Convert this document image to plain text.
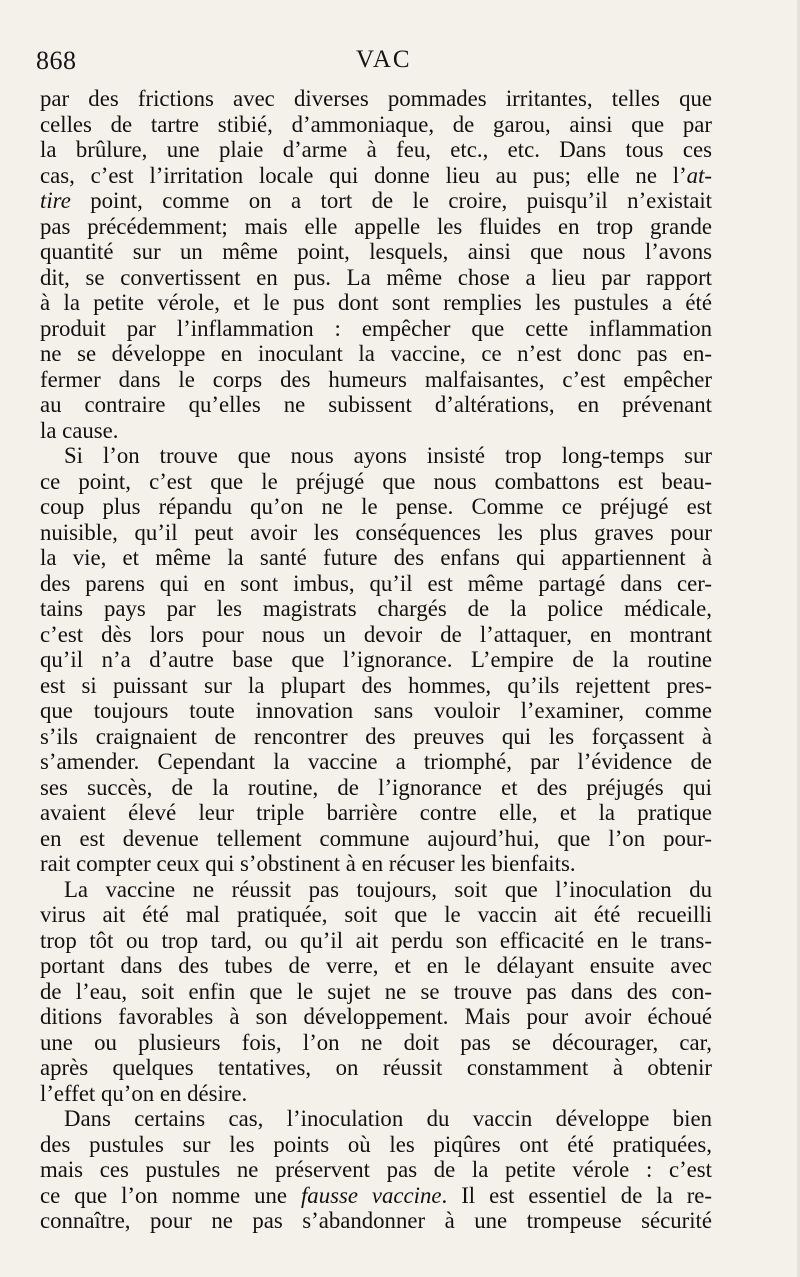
868	VAC

par des frictions avec diverses pommades irritantes, telles que
celles de tartre stibié, d’ammoniaque, de garou, ainsi que par
la brûlure, une plaie d’arme à feu, etc., etc. Dans tous ces
cas, c’est l’irritation locale qui donne lieu au pus; elle ne l’at-
tire point, comme on a tort de le croire, puisqu’il n’existait
pas précédemment; mais elle appelle les fluides en trop grande
quantité sur un même point, lesquels, ainsi que nous l’avons
dit, se convertissent en pus. La même chose a lieu par rapport
à la petite vérole, et le pus dont sont remplies les pustules a été
produit par l’inflammation : empêcher que cette inflammation
ne se développe en inoculant la vaccine, ce n’est donc pas en-
fermer dans le corps des humeurs malfaisantes, c’est empêcher
au contraire qu’elles ne subissent d’altérations, en prévenant
la cause.

Si l’on trouve que nous ayons insisté trop long-temps sur
ce point, c’est que le préjugé que nous combattons est beau-
coup plus répandu qu’on ne le pense. Comme ce préjugé est
nuisible, qu’il peut avoir les conséquences les plus graves pour
la vie, et même la santé future des enfans qui appartiennent à
des parens qui en sont imbus, qu’il est même partagé dans cer-
tains pays par les magistrats chargés de la police médicale,
c’est dès lors pour nous un devoir de l’attaquer, en montrant
qu’il n’a d’autre base que l’ignorance. L’empire de la routine
est si puissant sur la plupart des hommes, qu’ils rejettent pres-
que toujours toute innovation sans vouloir l’examiner, comme
s’ils craignaient de rencontrer des preuves qui les forçassent à
s’amender. Cependant la vaccine a triomphé, par l’évidence de
ses succès, de la routine, de l’ignorance et des préjugés qui
avaient élevé leur triple barrière contre elle, et la pratique
en est devenue tellement commune aujourd’hui, que l’on pour-
rait compter ceux qui s’obstinent à en récuser les bienfaits.

La vaccine ne réussit pas toujours, soit que l’inoculation du
virus ait été mal pratiquée, soit que le vaccin ait été recueilli
trop tôt ou trop tard, ou qu’il ait perdu son efficacité en le trans-
portant dans des tubes de verre, et en le délayant ensuite avec
de l’eau, soit enfin que le sujet ne se trouve pas dans des con-
ditions favorables à son développement. Mais pour avoir échoué
une ou plusieurs fois, l’on ne doit pas se décourager, car,
après quelques tentatives, on réussit constamment à obtenir
l’effet qu’on en désire.

Dans certains cas, l’inoculation du vaccin développe bien
des pustules sur les points où les piqûres ont été pratiquées,
mais ces pustules ne préservent pas de la petite vérole : c’est
ce que l’on nomme une fausse vaccine. Il est essentiel de la re-
connaître, pour ne pas s’abandonner à une trompeuse sécurité
